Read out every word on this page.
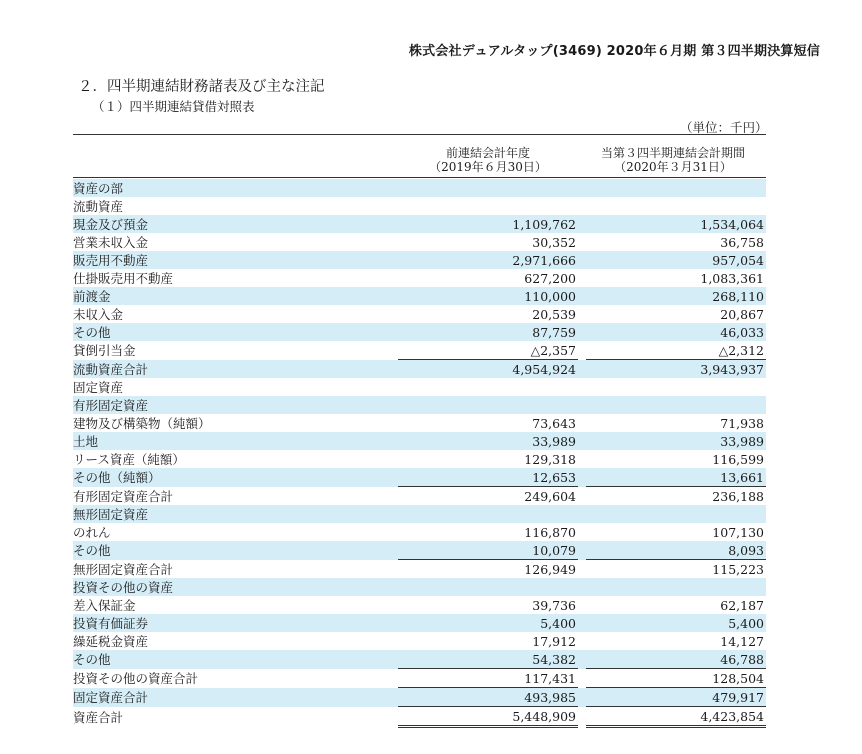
株式会社デュアルタップ(3469) 2020年６月期 第３四半期決算短信
２．四半期連結財務諸表及び主な注記
（１）四半期連結貸借対照表
（単位：千円）
前連結会計年度
（2019年６月30日）
当第３四半期連結会計期間
（2020年３月31日）
資産の部			
流動資産			
現金及び預金	1,109,762		1,534,064
営業未収入金	30,352		36,758
販売用不動産	2,971,666		957,054
仕掛販売用不動産	627,200		1,083,361
前渡金	110,000		268,110
未収入金	20,539		20,867
その他	87,759		46,033
貸倒引当金	△2,357		△2,312
流動資産合計	4,954,924		3,943,937
固定資産			
有形固定資産			
建物及び構築物（純額）	73,643		71,938
土地	33,989		33,989
リース資産（純額）	129,318		116,599
その他（純額）	12,653		13,661
有形固定資産合計	249,604		236,188
無形固定資産			
のれん	116,870		107,130
その他	10,079		8,093
無形固定資産合計	126,949		115,223
投資その他の資産			
差入保証金	39,736		62,187
投資有価証券	5,400		5,400
繰延税金資産	17,912		14,127
その他	54,382		46,788
投資その他の資産合計	117,431		128,504
固定資産合計	493,985		479,917
資産合計	5,448,909		4,423,854
